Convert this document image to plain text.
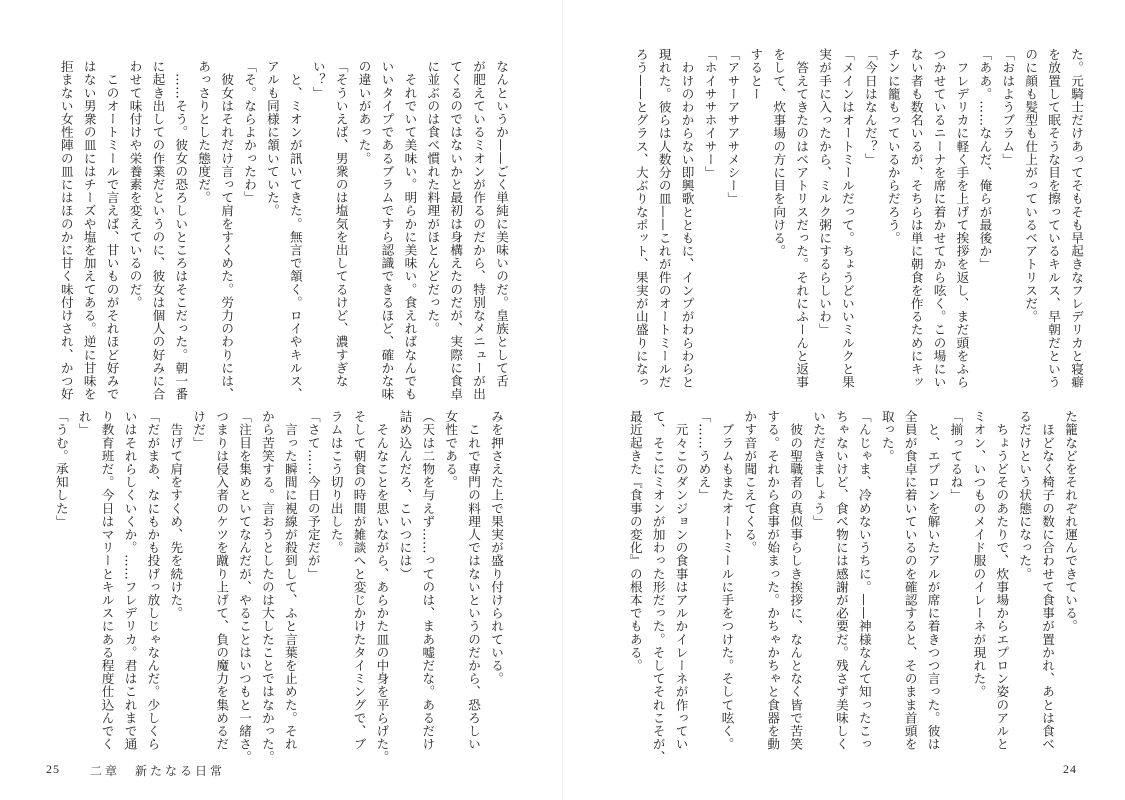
なんというか——ごく単純に美味いのだ。皇族として舌

が肥えているミオンが作るのだから、特別なメニューが出

てくるのではないかと最初は身構えたのだが、実際に食卓

に並ぶのは食べ慣れた料理がほとんどだった。

　それでいて美味い。明らかに美味い。食えればなんでも

いいタイプであるブラムですら認識できるほど、確かな味

の違いがあった。

「そういえば、男衆のは塩気を出してるけど、濃すぎな

い？」

　と、ミオンが訊いてきた。無言で頷く。ロイやキルス、

アルも同様に頷いていた。

「そ。ならよかったわ」

　彼女はそれだけ言って肩をすくめた。労力のわりには、

あっさりとした態度だ。

　……そう。彼女の恐ろしいところはそこだった。朝一番

に起き出しての作業だというのに、彼女は個人の好みに合

わせて味付けや栄養素を変えているのだ。

　このオートミールで言えば、甘いものがそれほど好みで

はない男衆の皿にはチーズや塩を加えてある。逆に甘味を

拒まない女性陣の皿にはほのかに甘く味付けされ、かつ好

みを押さえた上で果実が盛り付けられている。

　これで専門の料理人ではないというのだから、恐ろしい

女性である。

（天は二物を与えず……ってのは、まあ嘘だな。あるだけ

詰め込んだろ、こいつには）

　そんなことを思いながら、あらかた皿の中身を平らげた。

そして朝食の時間が雑談へと変じかけたタイミングで、ブ

ラムはこう切り出した。

「さて……今日の予定だが」

　言った瞬間に視線が殺到して、ふと言葉を止めた。それ

から苦笑する。言おうとしたのは大したことではなかった。

「注目を集めといてなんだが、やることはいつもと一緒さ。

つまりは侵入者のケツを蹴り上げて、負の魔力を集めるだ

けだ」

　告げて肩をすくめ、先を続けた。

「だがまあ、なにもかも投げっ放しじゃなんだ。少しくら

いはそれらしくいくか。……フレデリカ。君はこれまで通

り教育班だ。今日はマリーとキルスにある程度仕込んでく

れ」

「うむ。承知した」

25	二章　新たなる日常

た。元騎士だけあってそもそも早起きなフレデリカと寝癖

を放置して眠そうな目を擦っているキルス、早朝だという

のに顔も髪型も仕上がっているベアトリスだ。

「おはようブラム」

「ああ。……なんだ、俺らが最後か」

　フレデリカに軽く手を上げて挨拶を返し、まだ頭をふら

つかせているニーナを席に着かせてから呟く。この場にい

ない者も数名いるが、そちらは単に朝食を作るためにキッ

チンに籠もっているからだろう。

「今日はなんだ？」

「メインはオートミールだって。ちょうどいいミルクと果

実が手に入ったから、ミルク粥にするらしいわ」

　答えてきたのはベアトリスだった。それにふーんと返事

をして、炊事場の方に目を向ける。

するとー

「アサーアサアサメシー」

「ホイササホイサー」

　わけのわからない即興歌とともに、インプがわらわらと

現れた。彼らは人数分の皿——これが件のオートミールだ

ろう——とグラス、大ぶりなポット、果実が山盛りになっ

た籠などをそれぞれ運んできている。

　ほどなく椅子の数に合わせて食事が置かれ、あとは食べ

るだけという状態になった。

　ちょうどそのあたりで、炊事場からエプロン姿のアルと

ミオン、いつものメイド服のイレーネが現れた。

「揃ってるね」

　と、エプロンを解いたアルが席に着きつつ言った。彼は

全員が食卓に着いているのを確認すると、そのまま首頭を

取った。

「んじゃま、冷めないうちに。——神様なんて知ったこっ

ちゃないけど、食べ物には感謝が必要だ。残さず美味しく

いただきましょう」

　彼の聖職者の真似事らしき挨拶に、なんとなく皆で苦笑

する。それから食事が始まった。かちゃかちゃと食器を動

かす音が聞こえてくる。

　ブラムもまたオートミールに手をつけた。そして呟く。

「……うめえ」

　元々このダンジョンの食事はアルかイレーネが作ってい

て、そこにミオンが加わった形だった。そしてそれこそが、

最近起きた『食事の変化』の根本でもある。

24
